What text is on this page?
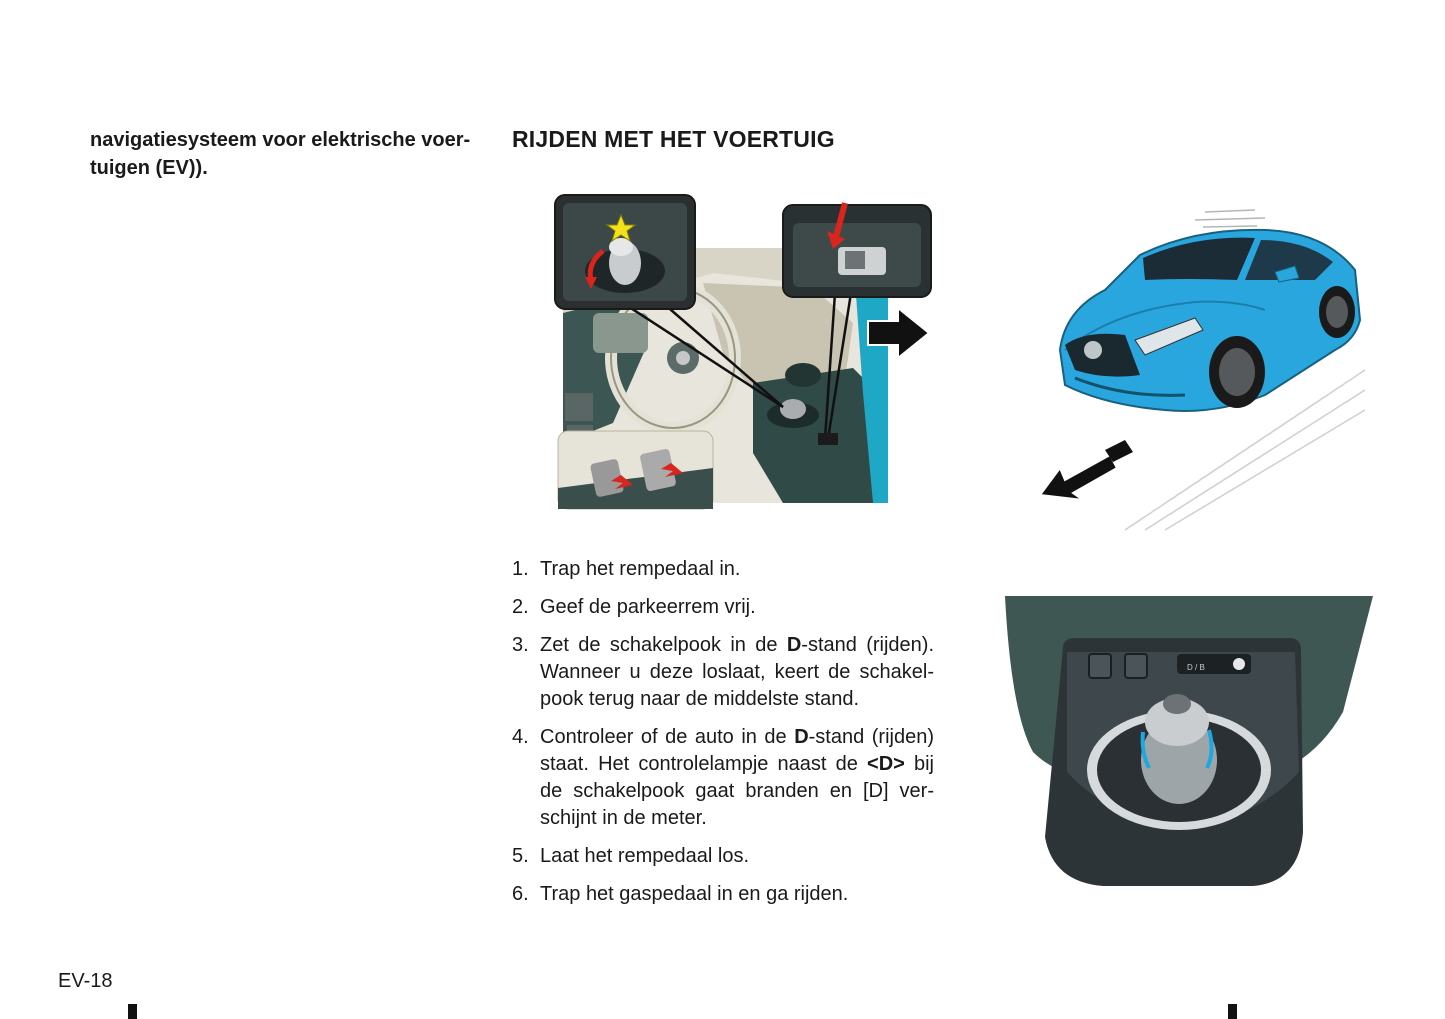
navigatiesysteem voor elektrische voer-
tuigen (EV)).
RIJDEN MET HET VOERTUIG
D / B
1. Trap het rempedaal in.
2. Geef de parkeerrem vrij.
3. Zet de schakelpook in de D-stand (rijden). Wanneer u deze loslaat, keert de schakel-pook terug naar de middelste stand.
4. Controleer of de auto in de D-stand (rijden) staat. Het controlelampje naast de <D> bij de schakelpook gaat branden en [D] ver-schijnt in de meter.
5. Laat het rempedaal los.
6. Trap het gaspedaal in en ga rijden.
EV-18
